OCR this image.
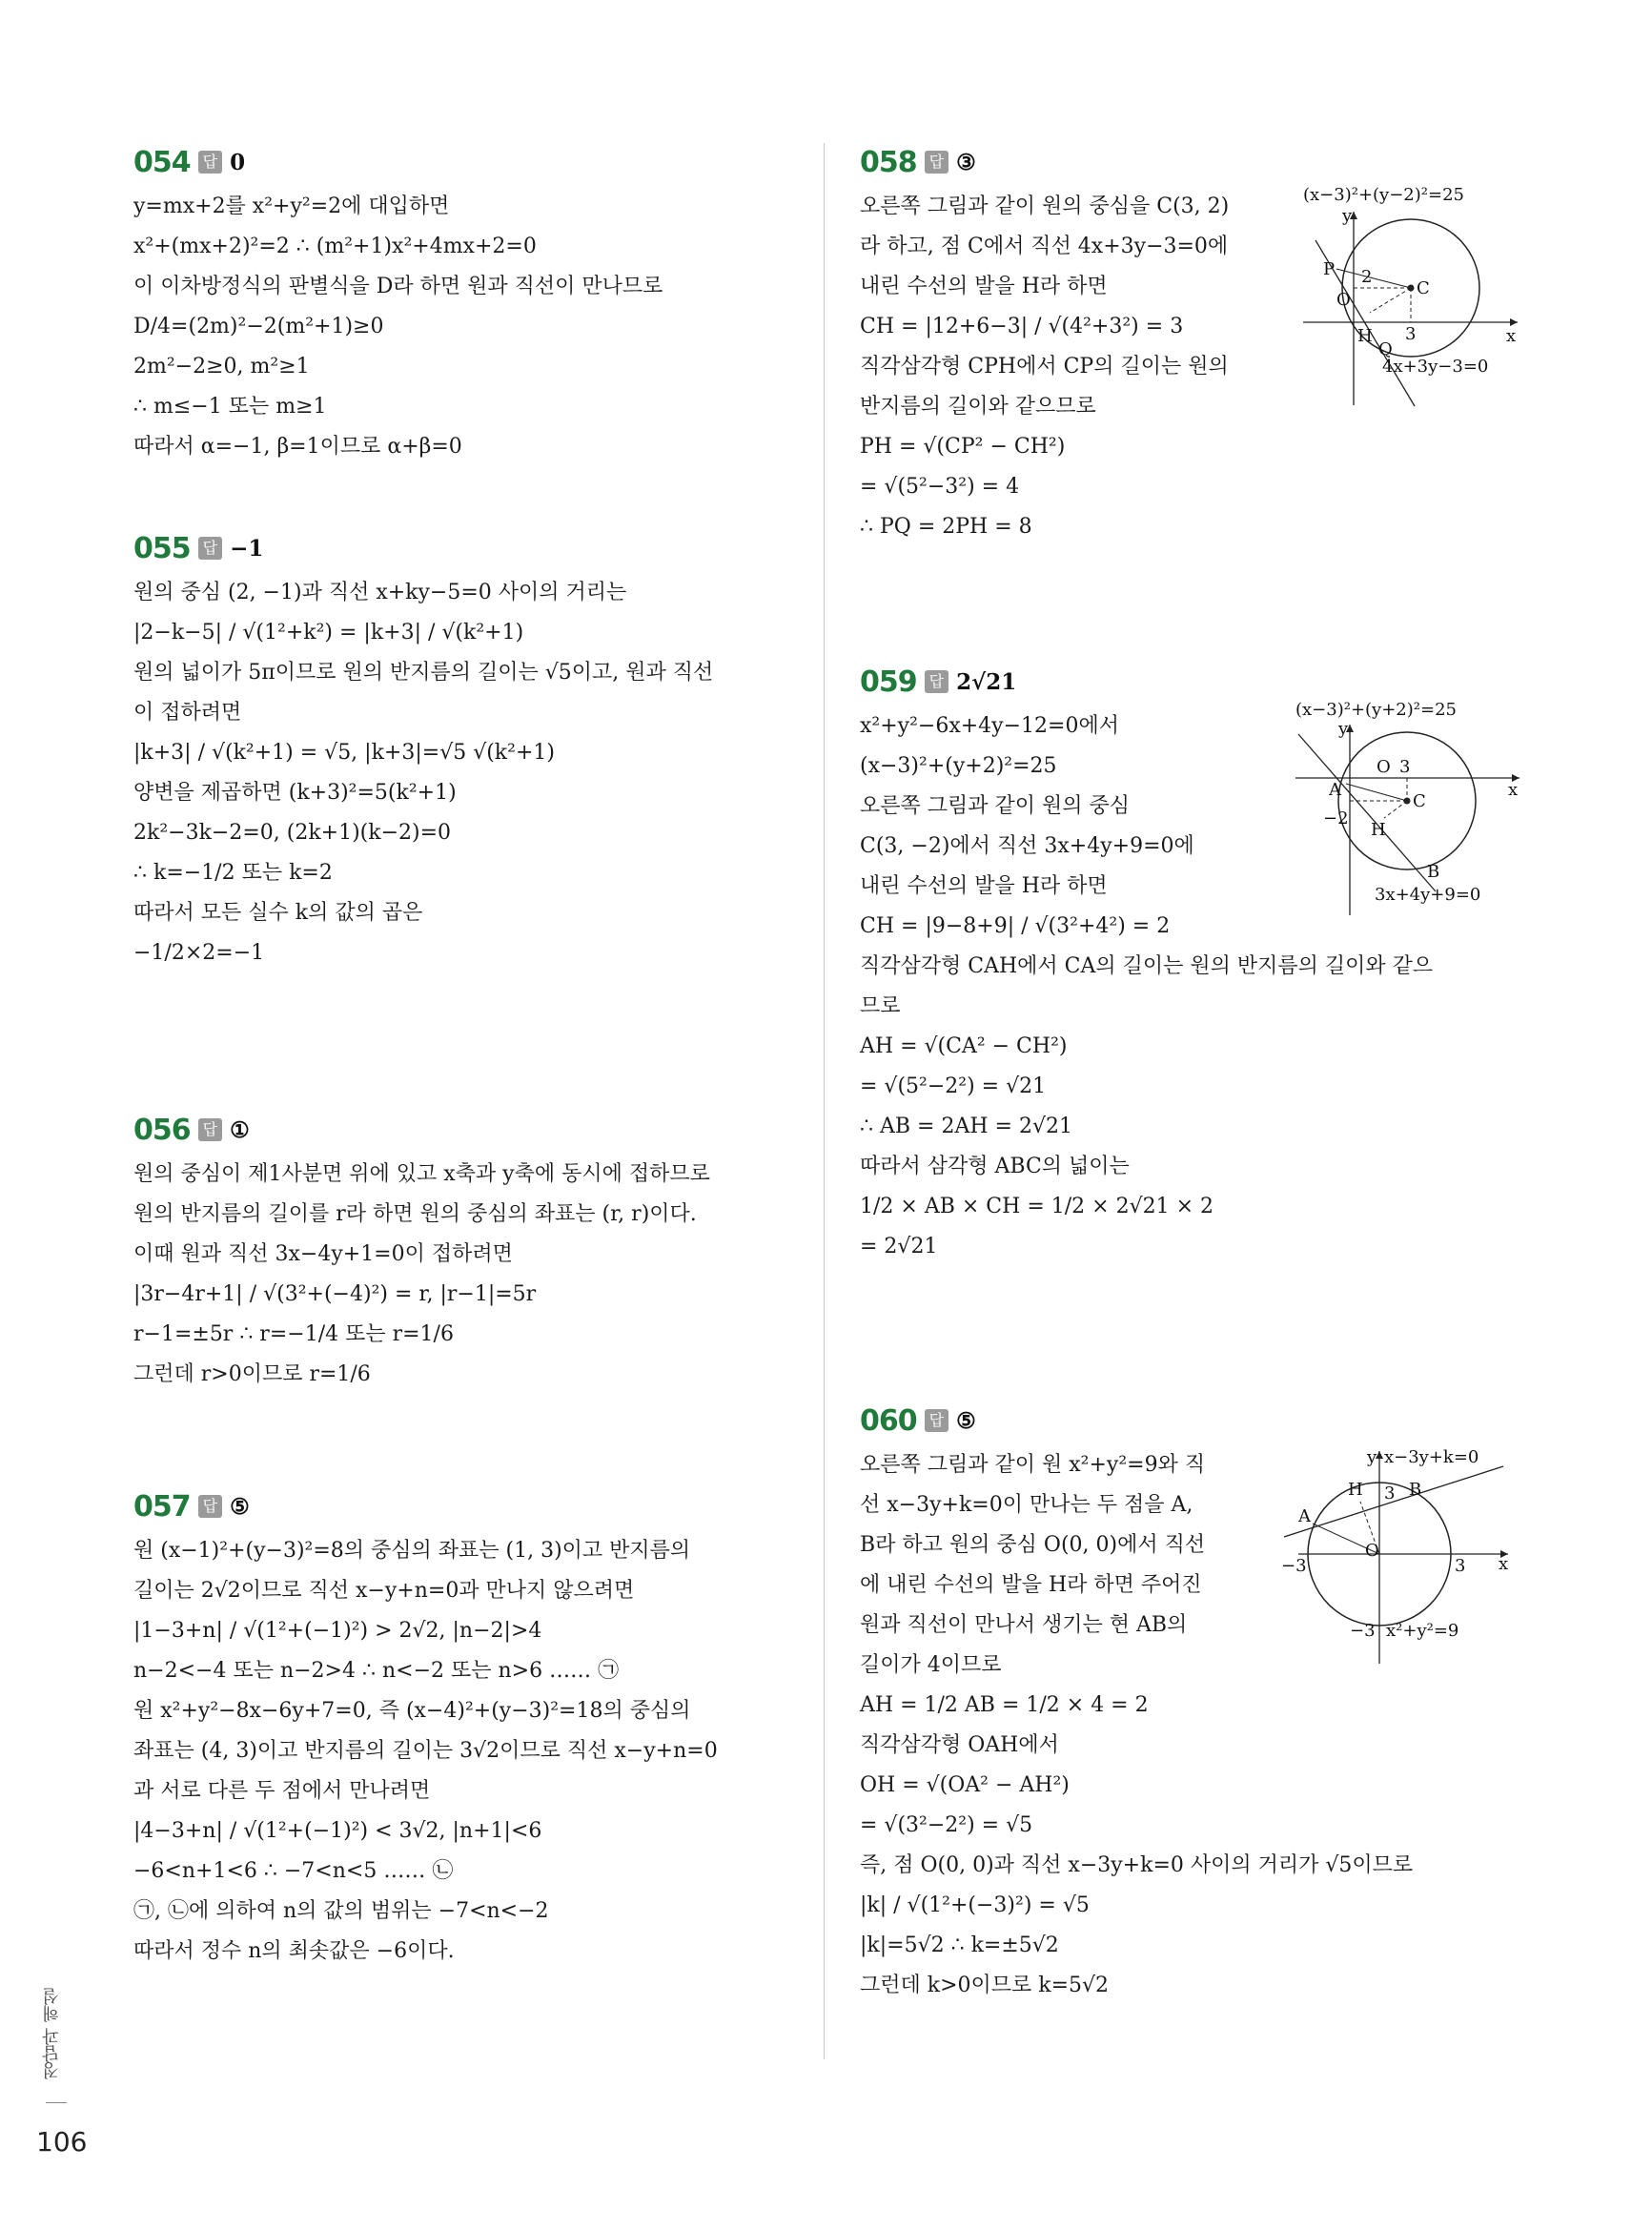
054 답 0
y=mx+2를 x²+y²=2에 대입하면
x²+(mx+2)²=2 ∴ (m²+1)x²+4mx+2=0
이 이차방정식의 판별식을 D라 하면 원과 직선이 만나므로
D/4=(2m)²−2(m²+1)≥0
2m²−2≥0, m²≥1
∴ m≤−1 또는 m≥1
따라서 α=−1, β=1이므로 α+β=0
055 답 −1
원의 중심 (2, −1)과 직선 x+ky−5=0 사이의 거리는
|2−k−5| / √(1²+k²) = |k+3| / √(k²+1)
원의 넓이가 5π이므로 원의 반지름의 길이는 √5이고, 원과 직선
이 접하려면
|k+3| / √(k²+1) = √5, |k+3|=√5 √(k²+1)
양변을 제곱하면 (k+3)²=5(k²+1)
2k²−3k−2=0, (2k+1)(k−2)=0
∴ k=−1/2 또는 k=2
따라서 모든 실수 k의 값의 곱은
−1/2×2=−1
056 답 ①
원의 중심이 제1사분면 위에 있고 x축과 y축에 동시에 접하므로
원의 반지름의 길이를 r라 하면 원의 중심의 좌표는 (r, r)이다.
이때 원과 직선 3x−4y+1=0이 접하려면
|3r−4r+1| / √(3²+(−4)²) = r, |r−1|=5r
r−1=±5r ∴ r=−1/4 또는 r=1/6
그런데 r>0이므로 r=1/6
057 답 ⑤
원 (x−1)²+(y−3)²=8의 중심의 좌표는 (1, 3)이고 반지름의
길이는 2√2이므로 직선 x−y+n=0과 만나지 않으려면
|1−3+n| / √(1²+(−1)²) > 2√2, |n−2|>4
n−2<−4 또는 n−2>4 ∴ n<−2 또는 n>6 …… ㉠
원 x²+y²−8x−6y+7=0, 즉 (x−4)²+(y−3)²=18의 중심의
좌표는 (4, 3)이고 반지름의 길이는 3√2이므로 직선 x−y+n=0
과 서로 다른 두 점에서 만나려면
|4−3+n| / √(1²+(−1)²) < 3√2, |n+1|<6
−6<n+1<6 ∴ −7<n<5 …… ㉡
㉠, ㉡에 의하여 n의 값의 범위는 −7<n<−2
따라서 정수 n의 최솟값은 −6이다.
058 답 ③
오른쪽 그림과 같이 원의 중심을 C(3, 2)
라 하고, 점 C에서 직선 4x+3y−3=0에
내린 수선의 발을 H라 하면
CH = |12+6−3| / √(4²+3²) = 3
직각삼각형 CPH에서 CP의 길이는 원의
반지름의 길이와 같으므로
PH = √(CP² − CH²)
= √(5²−3²) = 4
∴ PQ = 2PH = 8
(x−3)²+(y−2)²=25
y
x
C
P
O
H
Q
2
3
4x+3y−3=0
059 답 2√21
x²+y²−6x+4y−12=0에서
(x−3)²+(y+2)²=25
오른쪽 그림과 같이 원의 중심
C(3, −2)에서 직선 3x+4y+9=0에
내린 수선의 발을 H라 하면
CH = |9−8+9| / √(3²+4²) = 2
직각삼각형 CAH에서 CA의 길이는 원의 반지름의 길이와 같으
므로
AH = √(CA² − CH²)
= √(5²−2²) = √21
∴ AB = 2AH = 2√21
따라서 삼각형 ABC의 넓이는
1/2 × AB × CH = 1/2 × 2√21 × 2
= 2√21
(x−3)²+(y+2)²=25
y
x
C
A
B
H
O 3
−2
3x+4y+9=0
060 답 ⑤
오른쪽 그림과 같이 원 x²+y²=9와 직
선 x−3y+k=0이 만나는 두 점을 A,
B라 하고 원의 중심 O(0, 0)에서 직선
에 내린 수선의 발을 H라 하면 주어진
원과 직선이 만나서 생기는 현 AB의
길이가 4이므로
AH = 1/2 AB = 1/2 × 4 = 2
직각삼각형 OAH에서
OH = √(OA² − AH²)
= √(3²−2²) = √5
즉, 점 O(0, 0)과 직선 x−3y+k=0 사이의 거리가 √5이므로
|k| / √(1²+(−3)²) = √5
|k|=5√2 ∴ k=±5√2
그런데 k>0이므로 k=5√2
y
x
x−3y+k=0
O
A
B
H 3
3
−3
−3 x²+y²=9
정답과 해설
106
